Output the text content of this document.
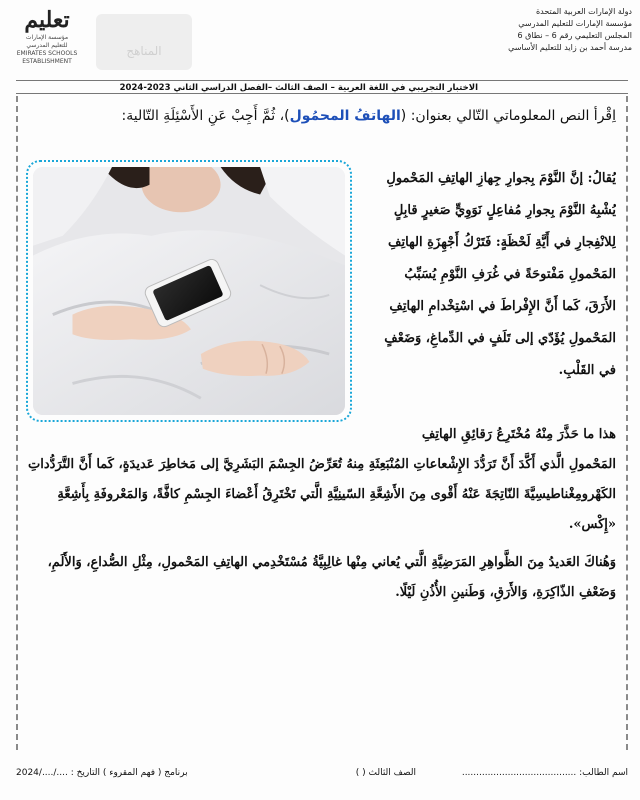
تعليم
مؤسسة الإمارات
للتعليم المدرسي
EMIRATES SCHOOLS
ESTABLISHMENT
المناهج
دولة الإمارات العربية المتحدة
مؤسسة الإمارات للتعليم المدرسي
المجلس التعليمي رقم 6 – نطاق 6
مدرسة أحمد بن زايد للتعليم الأساسي
الاختبار التجريبي في اللغة العربية – الصف الثالث –الفصل الدراسي الثاني 2023-2024
اِقْرأ النص المعلوماتي التّالي بعنوان: (الهاتفُ المحمُول)، ثُمَّ أَجِبْ عَنِ الأَسْئِلَةِ التّالية:
يُقالُ: إنَّ النَّوْمَ بِجوارِ جِهازِ الهاتِفِ المَحْمولِ
يُشْبِهُ النَّوْمَ بِجوارِ مُفاعِلٍ نَوَوِيٍّ صَغيرٍ قابِلٍ
لِلانْفِجارِ في أَيَّةِ لَحْظَةٍ: فَتَرْكُ أَجْهِزَةِ الهاتِفِ
المَحْمولِ مَفْتوحَةً في غُرَفِ النَّوْمِ يُسَبِّبُ
الأَرَقَ، كَما أَنَّ الإِفْراطَ في اسْتِخْدامِ الهاتِفِ
المَحْمولِ يُؤَدّي إلى تَلَفٍ في الدِّماغِ، وَضَعْفٍ
في القَلْبِ.
هذا ما حَذَّرَ مِنْهُ مُخْتَرِعُ رَقائِقِ الهاتِفِ
المَحْمولِ الَّذي أَكَّدَ أَنَّ تَرَدُّدَ الإِشْعاعاتِ المُنْبَعِثَةِ مِنهُ تُعَرِّضُ الجِسْمَ البَشَرِيَّ إلى مَخاطِرَ عَديدَةٍ، كَما أَنَّ التَّرَدُّداتِ
الكَهْرومِغْناطيسِيَّةَ النّاتِجَةَ عَنْهُ أَقْوى مِنَ الأَشِعَّةِ السّينِيَّةِ الَّتي تَخْتَرِقُ أَعْضاءَ الجِسْمِ كافَّةً، وَالمَعْروفَةِ بِأَشِعَّةِ
«إِكْس».
وَهُناكَ العَديدُ مِنَ الظَّواهِرِ المَرَضِيَّةِ الَّتي يُعاني مِنْها غالِبِيَّةُ مُسْتَخْدِمي الهاتِفِ المَحْمولِ، مِثْلِ الصُّداعِ، وَالأَلَمِ،
وَضَعْفِ الذّاكِرَةِ، وَالأَرَقِ، وَطَنينِ الأُذُنِ لَيْلًا.
اسم الطالب: ........................................
الصف الثالث ( )
برنامج ( فهم المقروء ) التاريخ : ..../..../2024
